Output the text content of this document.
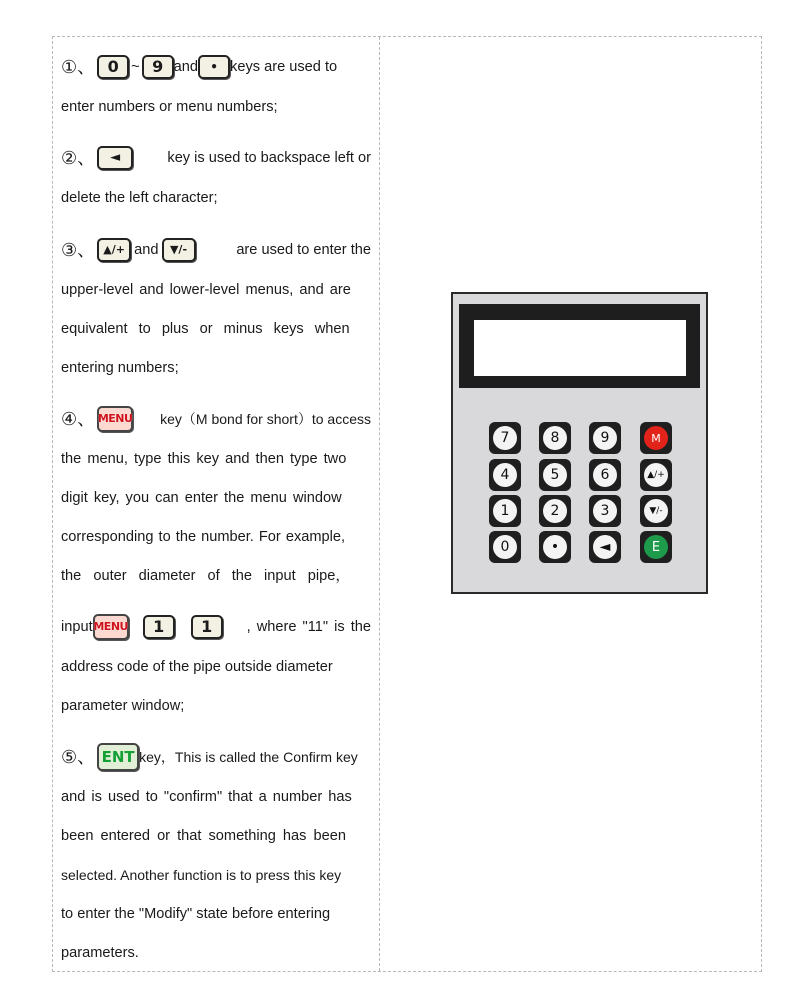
①、 0 ~ 9 and	• keys are used to
enter numbers or menu numbers;
②、	◄	key is used to backspace left or
delete the left character;
③、 ▲/+ and	▼/-	are used to enter the
upper-level and lower-level menus, and are
equivalent to plus or minus keys when
entering numbers;
④、 MENU key（M bond for short）to access
the menu, type this key and then type two
digit key, you can enter the menu window
corresponding to the number. For example,
the outer diameter of the input pipe，
input MENU	1	1	, where "11" is the
address code of the pipe outside diameter
parameter window;
⑤、 ENT key，This is called the Confirm key
and is used to "confirm" that a number has
been entered or that something has been
selected. Another function is to press this key
to enter the "Modify" state before entering
parameters.
7	8	9	M
4	5	6	▲/+
1	2	3	▼/-
0	•	◄	E
